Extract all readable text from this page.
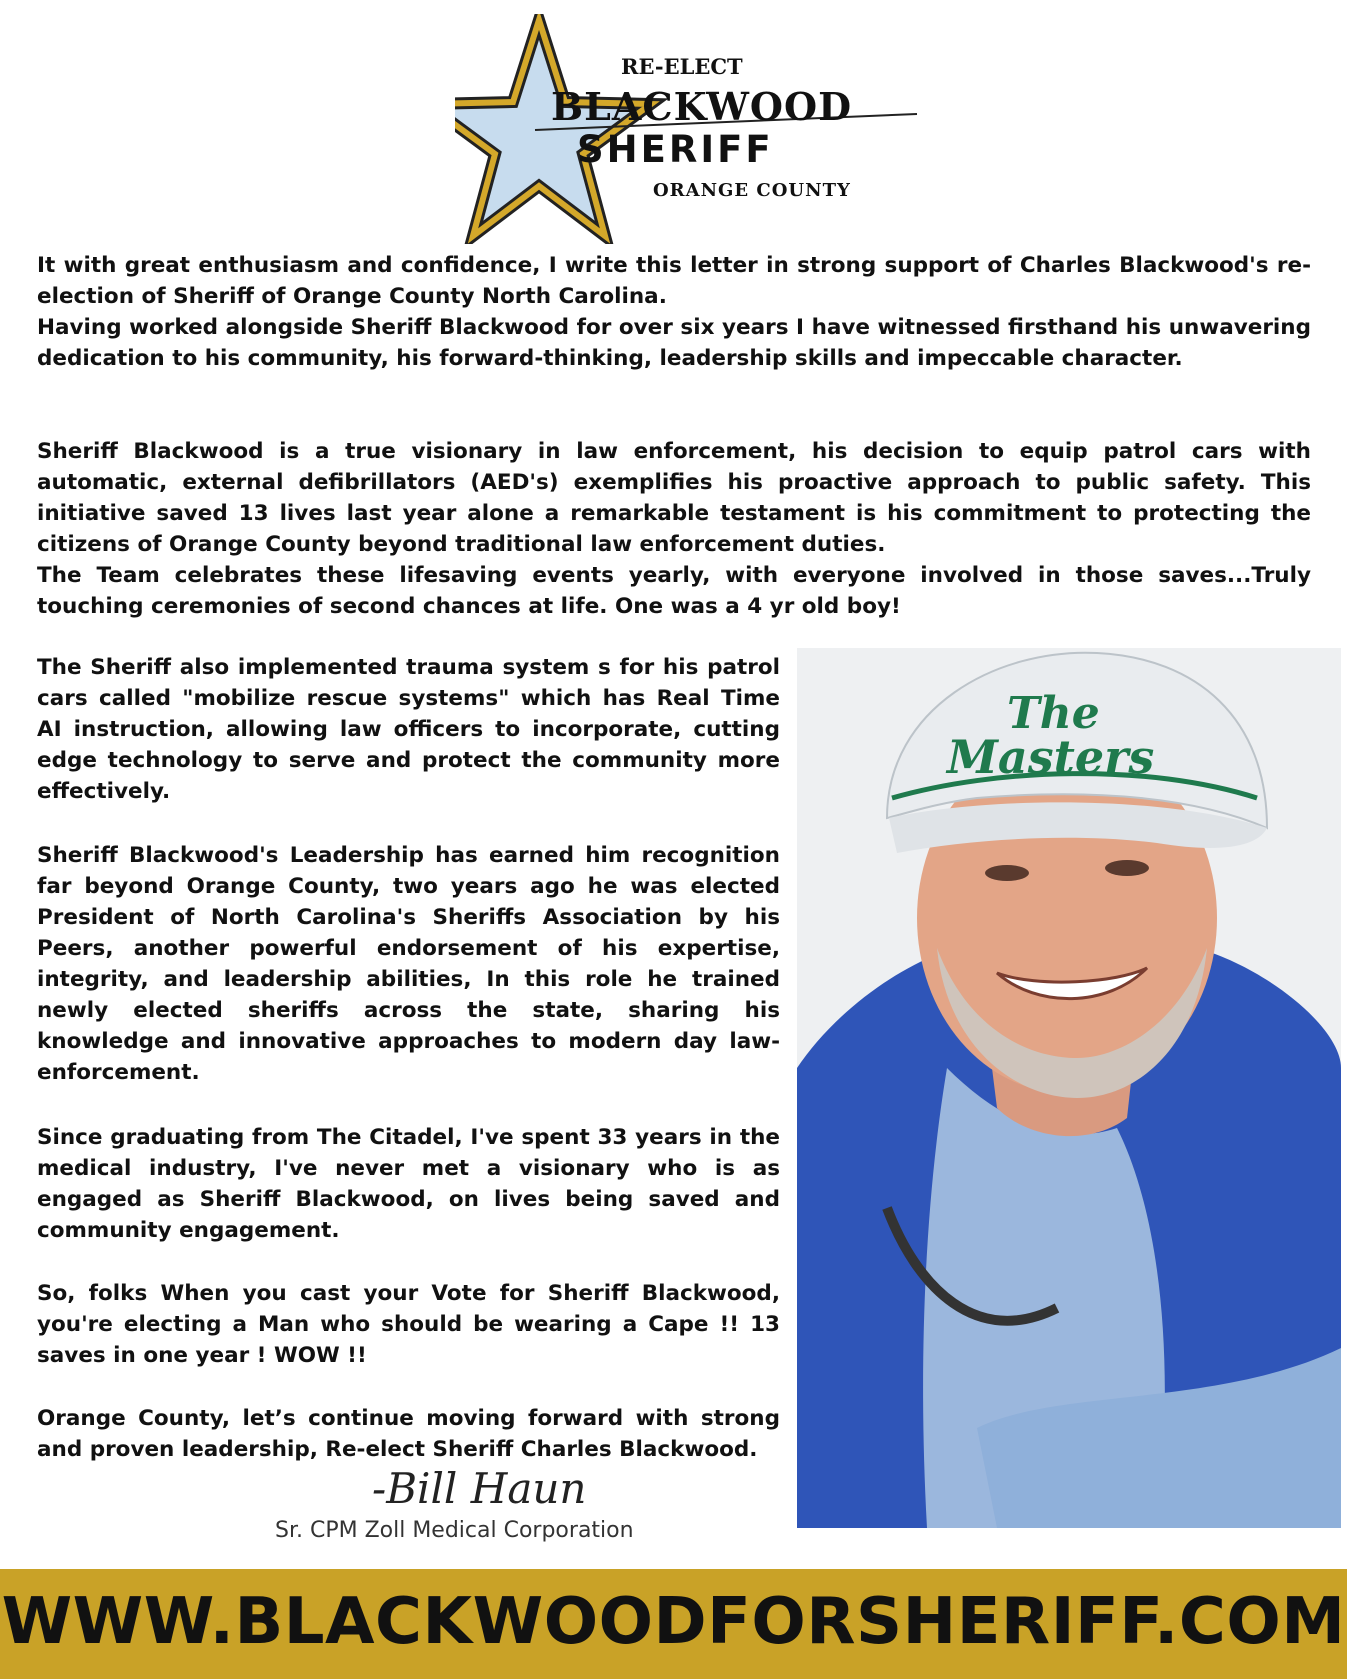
RE-ELECT
BLACKWOOD
SHERIFF
ORANGE COUNTY

It with great enthusiasm and confidence, I write this letter in strong support of Charles Blackwood's re-election of Sheriff of Orange County North Carolina.

Having worked alongside Sheriff Blackwood for over six years I have witnessed firsthand his unwavering dedication to his community, his forward-thinking, leadership skills and impeccable character.

Sheriff Blackwood is a true visionary in law enforcement, his decision to equip patrol cars with automatic, external defibrillators (AED's) exemplifies his proactive approach to public safety. This initiative saved 13 lives last year alone a remarkable testament is his commitment to protecting the citizens of Orange County beyond traditional law enforcement duties.

The Team celebrates these lifesaving events yearly, with everyone involved in those saves...Truly touching ceremonies of second chances at life. One was a 4 yr old boy!

The Sheriff also implemented trauma system s for his patrol cars called "mobilize rescue systems" which has Real Time AI instruction, allowing law officers to incorporate, cutting edge technology to serve and protect the community more effectively.

Sheriff Blackwood's Leadership has earned him recognition far beyond Orange County, two years ago he was elected President of North Carolina's Sheriffs Association by his Peers, another powerful endorsement of his expertise, integrity, and leadership abilities, In this role he trained newly elected sheriffs across the state, sharing his knowledge and innovative approaches to modern day law-enforcement.

Since graduating from The Citadel, I've spent 33 years in the medical industry, I've never met a visionary who is as engaged as Sheriff Blackwood, on lives being saved and community engagement.

So, folks When you cast your Vote for Sheriff Blackwood, you're electing a Man who should be wearing a Cape !! 13 saves in one year ! WOW !!

Orange County, let’s continue moving forward with strong and proven leadership, Re-elect Sheriff Charles Blackwood.

The
Masters
-Bill Haun
Sr. CPM Zoll Medical Corporation
WWW.BLACKWOODFORSHERIFF.COM
